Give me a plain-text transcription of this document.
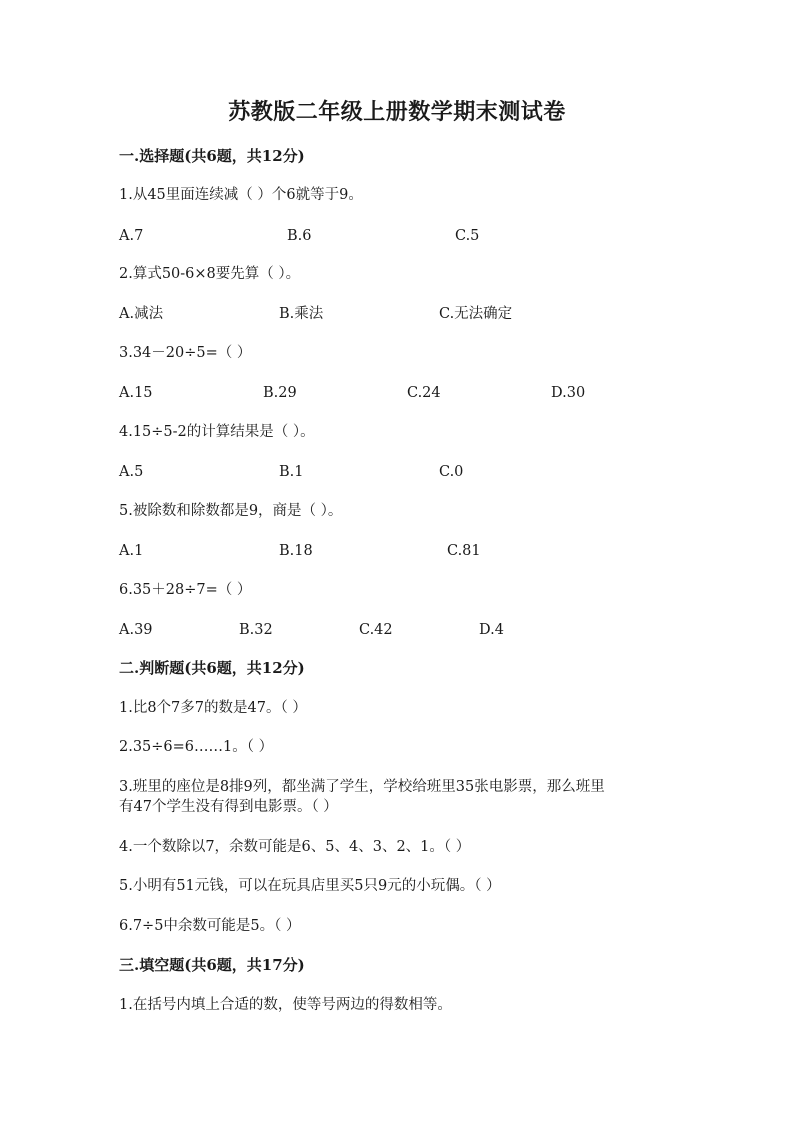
苏教版二年级上册数学期末测试卷
一.选择题(共6题，共12分)
1.从45里面连续减（ ）个6就等于9。
A.7	B.6	C.5
2.算式50-6×8要先算（ ）。
A.减法	B.乘法	C.无法确定
3.34－20÷5=（ ）
A.15	B.29	C.24	D.30
4.15÷5-2的计算结果是（ ）。
A.5	B.1	C.0
5.被除数和除数都是9，商是（ ）。
A.1	B.18	C.81
6.35＋28÷7=（ ）
A.39	B.32	C.42	D.4
二.判断题(共6题，共12分)
1.比8个7多7的数是47。（ ）
2.35÷6=6……1。（ ）
3.班里的座位是8排9列，都坐满了学生，学校给班里35张电影票，那么班里
有47个学生没有得到电影票。（ ）
4.一个数除以7，余数可能是6、5、4、3、2、1。（ ）
5.小明有51元钱，可以在玩具店里买5只9元的小玩偶。（ ）
6.7÷5中余数可能是5。（ ）
三.填空题(共6题，共17分)
1.在括号内填上合适的数，使等号两边的得数相等。
